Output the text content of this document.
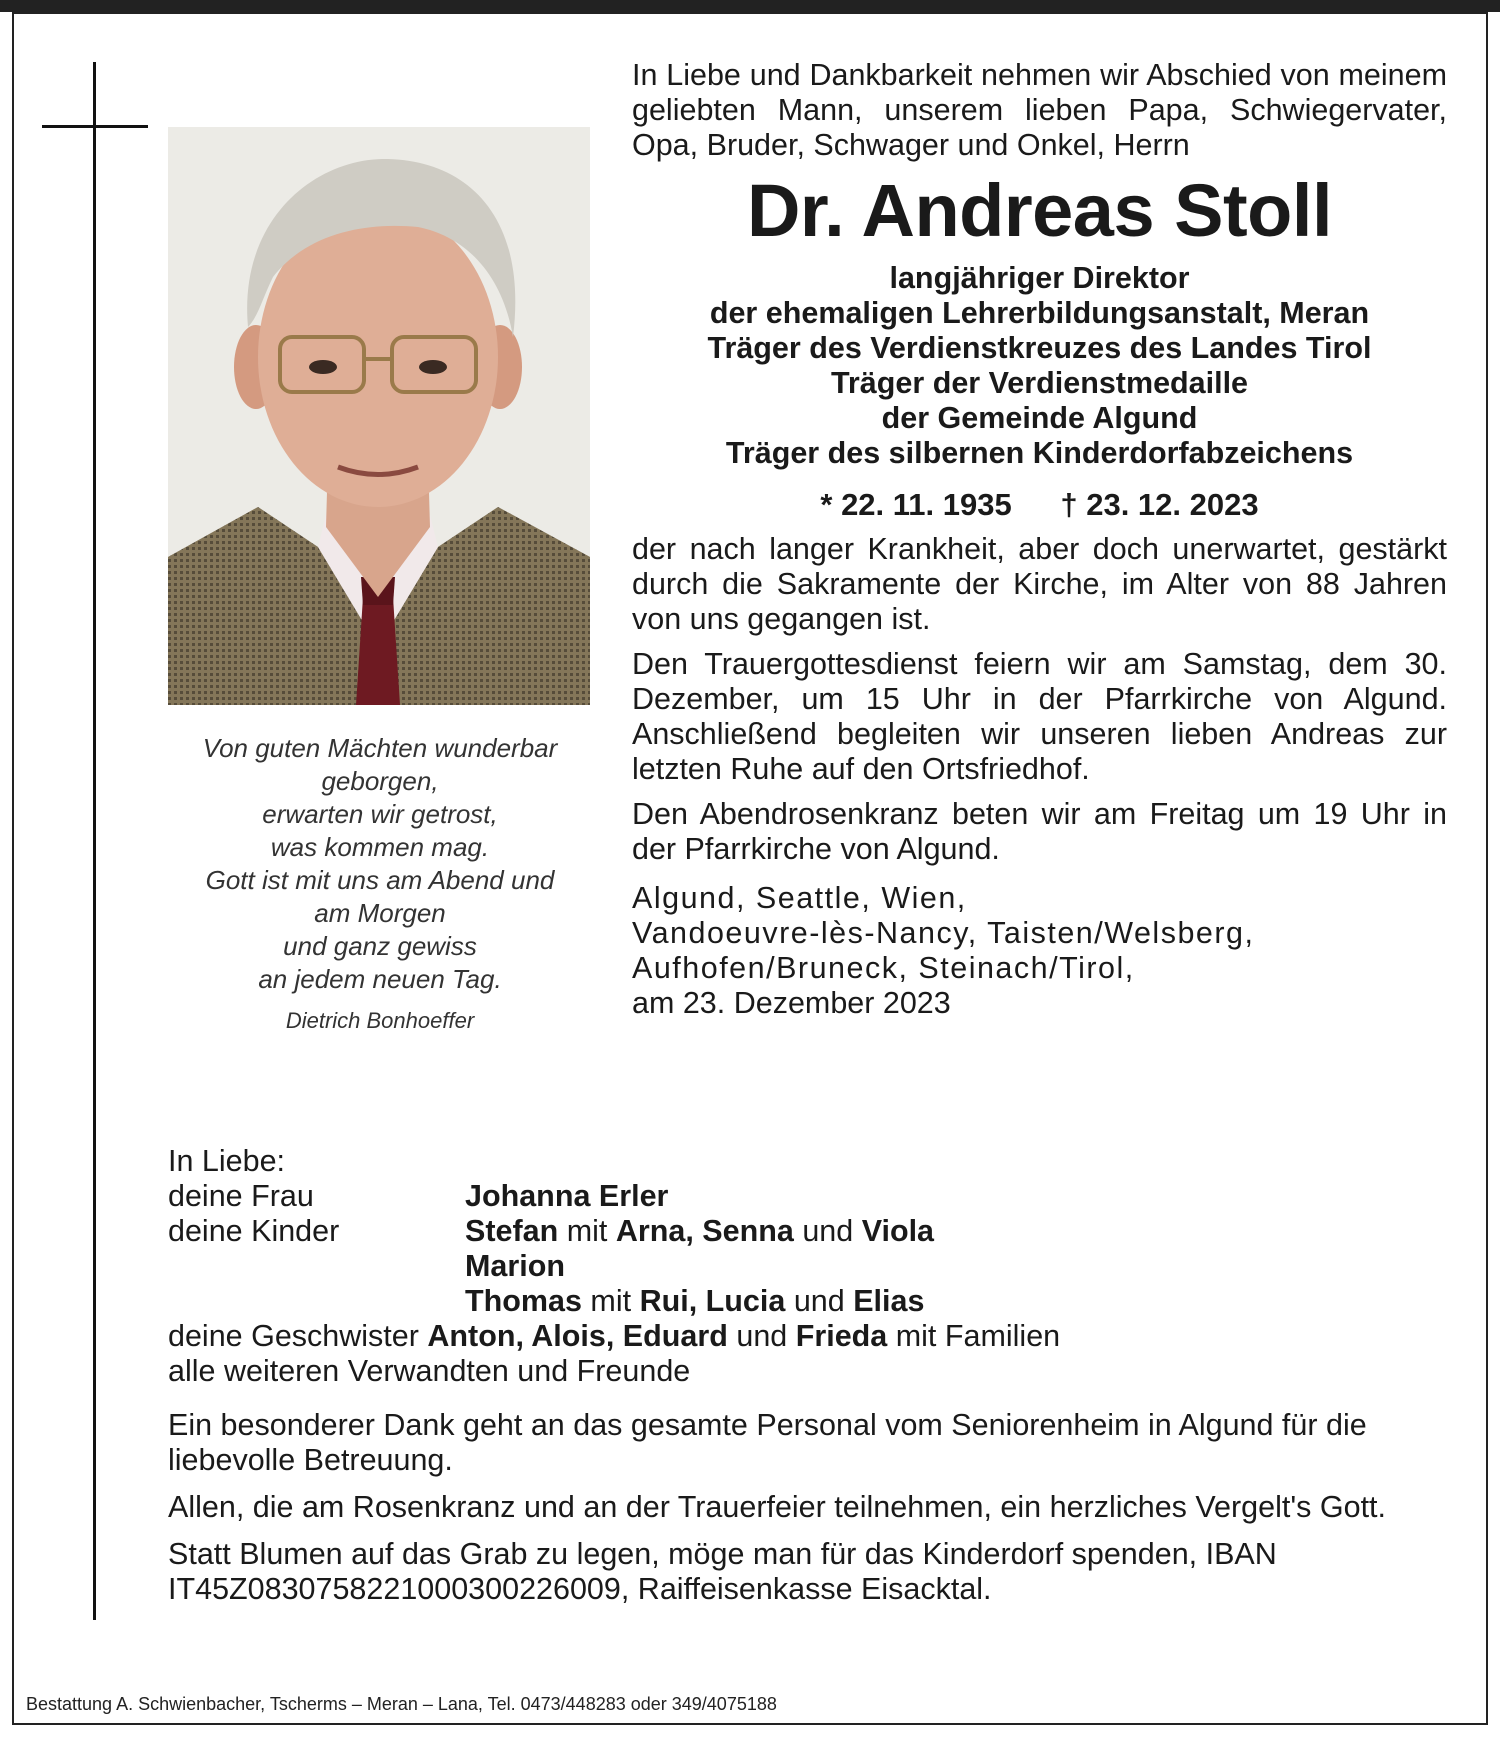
Von guten Mächten wunderbar
geborgen,
erwarten wir getrost,
was kommen mag.
Gott ist mit uns am Abend und
am Morgen
und ganz gewiss
an jedem neuen Tag.
Dietrich Bonhoeffer
In Liebe und Dankbarkeit nehmen wir Abschied von meinem geliebten Mann, unserem lieben Papa, Schwiegervater, Opa, Bruder, Schwager und Onkel, Herrn
Dr. Andreas Stoll
langjähriger Direktor
der ehemaligen Lehrerbildungsanstalt, Meran
Träger des Verdienstkreuzes des Landes Tirol
Träger der Verdienstmedaille
der Gemeinde Algund
Träger des silbernen Kinderdorfabzeichens
* 22. 11. 1935 † 23. 12. 2023
der nach langer Krankheit, aber doch unerwartet, gestärkt durch die Sakramente der Kirche, im Alter von 88 Jahren von uns gegangen ist.
Den Trauergottesdienst feiern wir am Samstag, dem 30. Dezember, um 15 Uhr in der Pfarrkirche von Algund. Anschließend begleiten wir unseren lieben Andreas zur letzten Ruhe auf den Ortsfriedhof.
Den Abendrosenkranz beten wir am Freitag um 19 Uhr in der Pfarrkirche von Algund.
Algund, Seattle, Wien,
Vandoeuvre-lès-Nancy, Taisten/Welsberg,
Aufhofen/Bruneck, Steinach/Tirol,
am 23. Dezember 2023
In Liebe:
deine Frau	Johanna Erler
deine Kinder	Stefan mit Arna, Senna und Viola
Marion
Thomas mit Rui, Lucia und Elias
deine Geschwister Anton, Alois, Eduard und Frieda mit Familien
alle weiteren Verwandten und Freunde

Ein besonderer Dank geht an das gesamte Personal vom Seniorenheim in Algund für die liebevolle Betreuung.

Allen, die am Rosenkranz und an der Trauerfeier teilnehmen, ein herzliches Vergelt's Gott.

Statt Blumen auf das Grab zu legen, möge man für das Kinderdorf spenden, IBAN IT45Z0830758221000300226009, Raiffeisenkasse Eisacktal.

Bestattung A. Schwienbacher, Tscherms – Meran – Lana, Tel. 0473/448283 oder 349/4075188
